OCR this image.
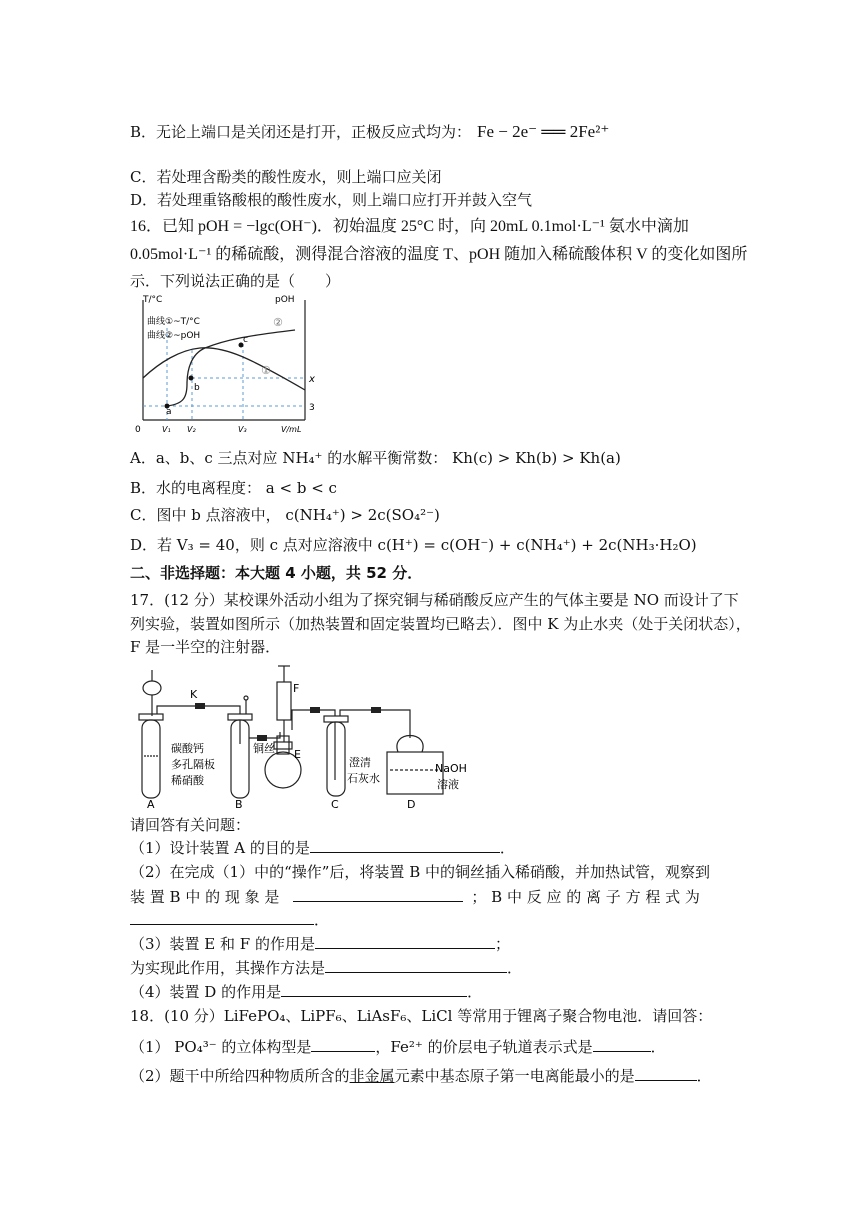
B．无论上端口是关闭还是打开，正极反应式均为： Fe − 2e⁻ ══ 2Fe²⁺
C．若处理含酚类的酸性废水，则上端口应关闭
D．若处理重铬酸根的酸性废水，则上端口应打开并鼓入空气
16．已知 pOH = −lgc(OH⁻)．初始温度 25°C 时，向 20mL 0.1mol·L⁻¹ 氨水中滴加
0.05mol·L⁻¹ 的稀硫酸，测得混合溶液的温度 T、pOH 随加入稀硫酸体积 V 的变化如图所
示．下列说法正确的是（　　）
T/°C	pOH
曲线①~T/°C
曲线②~pOH
②
①
a
b
c
x
3
0	V₁ V₂	V₃	V/mL
A．a、b、c 三点对应 NH₄⁺ 的水解平衡常数： Kh(c) > Kh(b) > Kh(a)
B．水的电离程度： a < b < c
C．图中 b 点溶液中， c(NH₄⁺) > 2c(SO₄²⁻)
D．若 V₃ = 40，则 c 点对应溶液中 c(H⁺) = c(OH⁻) + c(NH₄⁺) + 2c(NH₃·H₂O)
二、非选择题：本大题 4 小题，共 52 分．
17．(12 分）某校课外活动小组为了探究铜与稀硝酸反应产生的气体主要是 NO 而设计了下
列实验，装置如图所示（加热装置和固定装置均已略去）．图中 K 为止水夹（处于关闭状态），
F 是一半空的注射器．
K	F
E
A	B	C	D
碳酸钙
多孔隔板
稀硝酸
铜丝
澄清
石灰水
NaOH
溶液
请回答有关问题：
（1）设计装置 A 的目的是	．
（2）在完成（1）中的“操作”后，将装置 B 中的铜丝插入稀硝酸，并加热试管，观察到
装 置 B 中 的 现 象 是	； B 中 反 应 的 离 子 方 程 式 为
．
（3）装置 E 和 F 的作用是	；
为实现此作用，其操作方法是	．
（4）装置 D 的作用是	．
18．(10 分）LiFePO₄、LiPF₆、LiAsF₆、LiCl 等常用于锂离子聚合物电池．请回答：
（1） PO₄³⁻ 的立体构型是	，Fe²⁺ 的价层电子轨道表示式是	．
（2）题干中所给四种物质所含的非金属元素中基态原子第一电离能最小的是	．
